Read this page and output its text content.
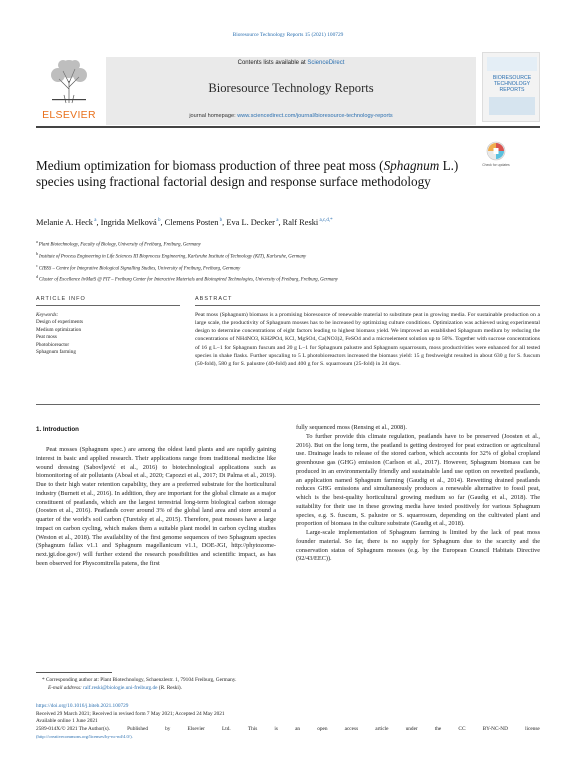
Bioresource Technology Reports 15 (2021) 100729
ELSEVIER
Contents lists available at ScienceDirect
Bioresource Technology Reports
journal homepage: www.sciencedirect.com/journal/bioresource-technology-reports
BIORESOURCE
TECHNOLOGY
REPORTS
Medium optimization for biomass production of three peat moss (Sphagnum L.) species using fractional factorial design and response surface methodology
Check for updates
Melanie A. Heck $^a$, Ingrida Melková $^b$, Clemens Posten $^b$, Eva L. Decker $^a$, Ralf Reski $^{a,c,d,*}$
$^a$ Plant Biotechnology, Faculty of Biology, University of Freiburg, Freiburg, Germany
$^b$ Institute of Process Engineering in Life Sciences III Bioprocess Engineering, Karlsruhe Institute of Technology (KIT), Karlsruhe, Germany
$^c$ CIBSS – Centre for Integrative Biological Signalling Studies, University of Freiburg, Freiburg, Germany
$^d$ Cluster of Excellence livMatS @ FIT – Freiburg Center for Interactive Materials and Bioinspired Technologies, University of Freiburg, Freiburg, Germany
ARTICLE INFO
Keywords:
Design of experiments
Medium optimization
Peat moss
Photobioreactor
Sphagnum farming
ABSTRACT
Peat moss (Sphagnum) biomass is a promising bioresource of renewable material to substitute peat in growing media. For sustainable production on a large scale, the productivity of Sphagnum mosses has to be increased by optimizing culture conditions. Optimization was achieved using experimental design to determine concentrations of eight factors leading to highest biomass yield. We improved an established Sphagnum medium by reducing the concentrations of NH4NO3, KH2PO4, KCl, MgSO4, Ca(NO3)2, FeSO4 and a microelement solution up to 50%. Together with sucrose concentrations of 16 g L−1 for Sphagnum fuscum and 20 g L−1 for Sphagnum palustre and Sphagnum squarrosum, moss productivities were enhanced for all tested species in shake flasks. Further upscaling to 5 L photobioreactors increased the biomass yield: 15 g freshweight resulted in about 630 g for S. fuscum (50-fold), 580 g for S. palustre (40-fold) and 400 g for S. squarrosum (25-fold) in 24 days.
1. Introduction

Peat mosses (Sphagnum spec.) are among the oldest land plants and are rapidly gaining interest in basic and applied research. Their applications range from traditional medicine like wound dressing (Sabovljević et al., 2016) to biotechnological applications such as biomonitoring of air pollutants (Aboal et al., 2020; Capozzi et al., 2017; Di Palma et al., 2019). Due to their high water retention capability, they are a preferred substrate for the horticultural industry (Burnett et al., 2016). In addition, they are important for the global climate as a major constituent of peatlands, which are the largest terrestrial long-term biological carbon storage (Joosten et al., 2016). Peatlands cover around 3% of the global land area and store around a quarter of the world's soil carbon (Turetsky et al., 2015). Therefore, peat mosses have a large impact on carbon cycling, which makes them a suitable plant model in carbon cycling studies (Weston et al., 2018). The availability of the first genome sequences of two Sphagnum species (Sphagnum fallax v1.1 and Sphagnum magellanicum v1.1, DOE-JGI, http://phytozome-next.jgi.doe.gov/) will further extend the research possibilities and scientific impact, as has been observed for Physcomitrella patens, the first

fully sequenced moss (Rensing et al., 2008).

To further provide this climate regulation, peatlands have to be preserved (Joosten et al., 2016). But on the long term, the peatland is getting destroyed for peat extraction or agricultural use. Drainage leads to release of the stored carbon, which accounts for 32% of global cropland greenhouse gas (GHG) emission (Carlson et al., 2017). However, Sphagnum biomass can be produced in an environmentally friendly and sustainable land use option on rewetted peatlands, an application named Sphagnum farming (Gaudig et al., 2014). Rewetting drained peatlands reduces GHG emissions and simultaneously produces a renewable alternative to fossil peat, which is the best-quality horticultural growing medium so far (Gaudig et al., 2018). The suitability for their use in these growing media have tested positively for various Sphagnum species, e.g. S. fuscum, S. palustre or S. squarrosum, depending on the cultivated plant and proportion of biomass in the culture substrate (Gaudig et al., 2018).

Large-scale implementation of Sphagnum farming is limited by the lack of peat moss founder material. So far, there is no supply for Sphagnum due to the scarcity and the conservation status of Sphagnum mosses (e.g. by the European Council Habitats Directive (92/43/EEC)).

* Corresponding author at: Plant Biotechnology, Schaenzlestr. 1, 79104 Freiburg, Germany.
E-mail address: ralf.reski@biologie.uni-freiburg.de (R. Reski).
https://doi.org/10.1016/j.biteb.2021.100729
Received 29 March 2021; Received in revised form 7 May 2021; Accepted 24 May 2021
Available online 1 June 2021
2589-014X/© 2021 The Author(s).	Published	by	Elsevier	Ltd.	This	is	an	open	access	article	under	the	CC	BY-NC-ND	license
(http://creativecommons.org/licenses/by-nc-nd/4.0/).
